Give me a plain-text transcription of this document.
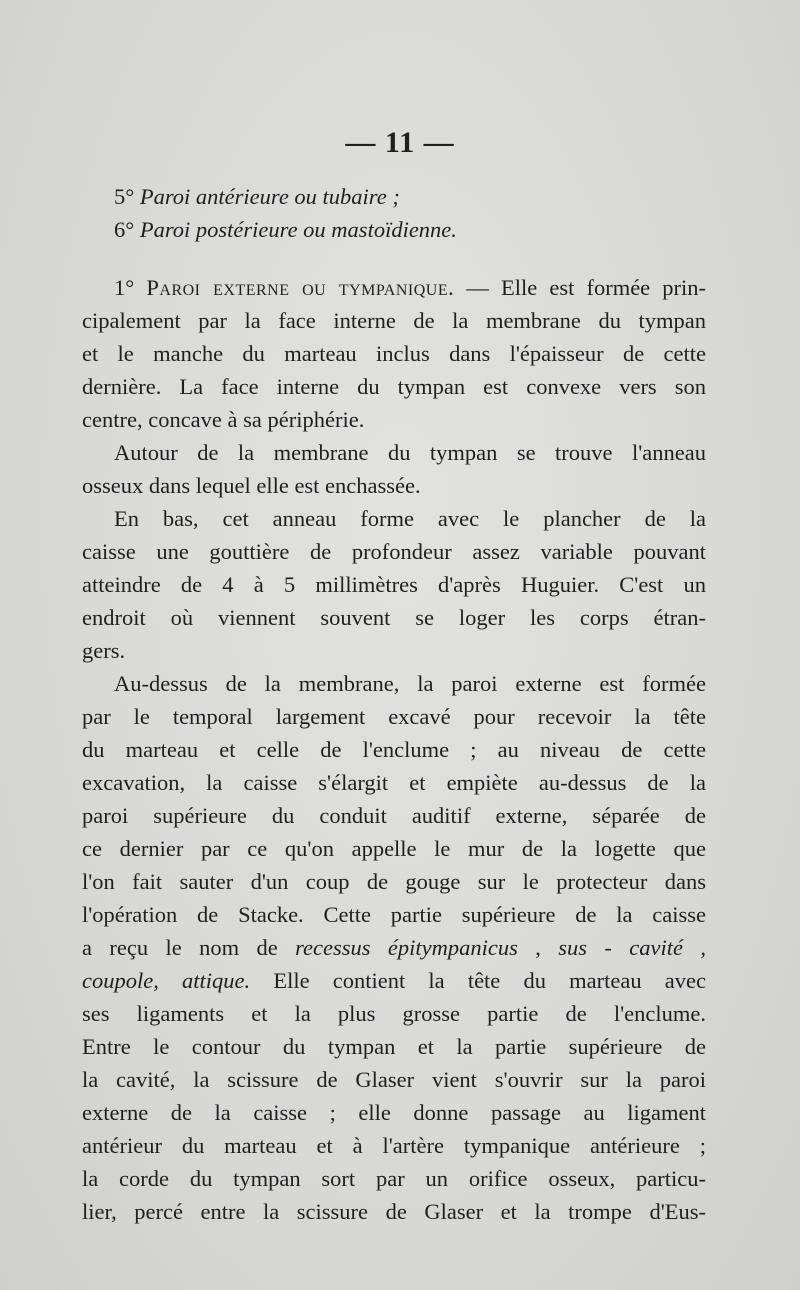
— 11 —
5° Paroi antérieure ou tubaire ;
6° Paroi postérieure ou mastoïdienne.
1° Paroi externe ou tympanique. — Elle est formée prin-
cipalement par la face interne de la membrane du tympan
et le manche du marteau inclus dans l'épaisseur de cette
dernière. La face interne du tympan est convexe vers son
centre, concave à sa périphérie.
Autour de la membrane du tympan se trouve l'anneau
osseux dans lequel elle est enchassée.
En bas, cet anneau forme avec le plancher de la
caisse une gouttière de profondeur assez variable pouvant
atteindre de 4 à 5 millimètres d'après Huguier. C'est un
endroit où viennent souvent se loger les corps étran-
gers.
Au-dessus de la membrane, la paroi externe est formée
par le temporal largement excavé pour recevoir la tête
du marteau et celle de l'enclume ; au niveau de cette
excavation, la caisse s'élargit et empiète au-dessus de la
paroi supérieure du conduit auditif externe, séparée de
ce dernier par ce qu'on appelle le mur de la logette que
l'on fait sauter d'un coup de gouge sur le protecteur dans
l'opération de Stacke. Cette partie supérieure de la caisse
a reçu le nom de recessus épitympanicus , sus - cavité ,
coupole, attique. Elle contient la tête du marteau avec
ses ligaments et la plus grosse partie de l'enclume.
Entre le contour du tympan et la partie supérieure de
la cavité, la scissure de Glaser vient s'ouvrir sur la paroi
externe de la caisse ; elle donne passage au ligament
antérieur du marteau et à l'artère tympanique antérieure ;
la corde du tympan sort par un orifice osseux, particu-
lier, percé entre la scissure de Glaser et la trompe d'Eus-
